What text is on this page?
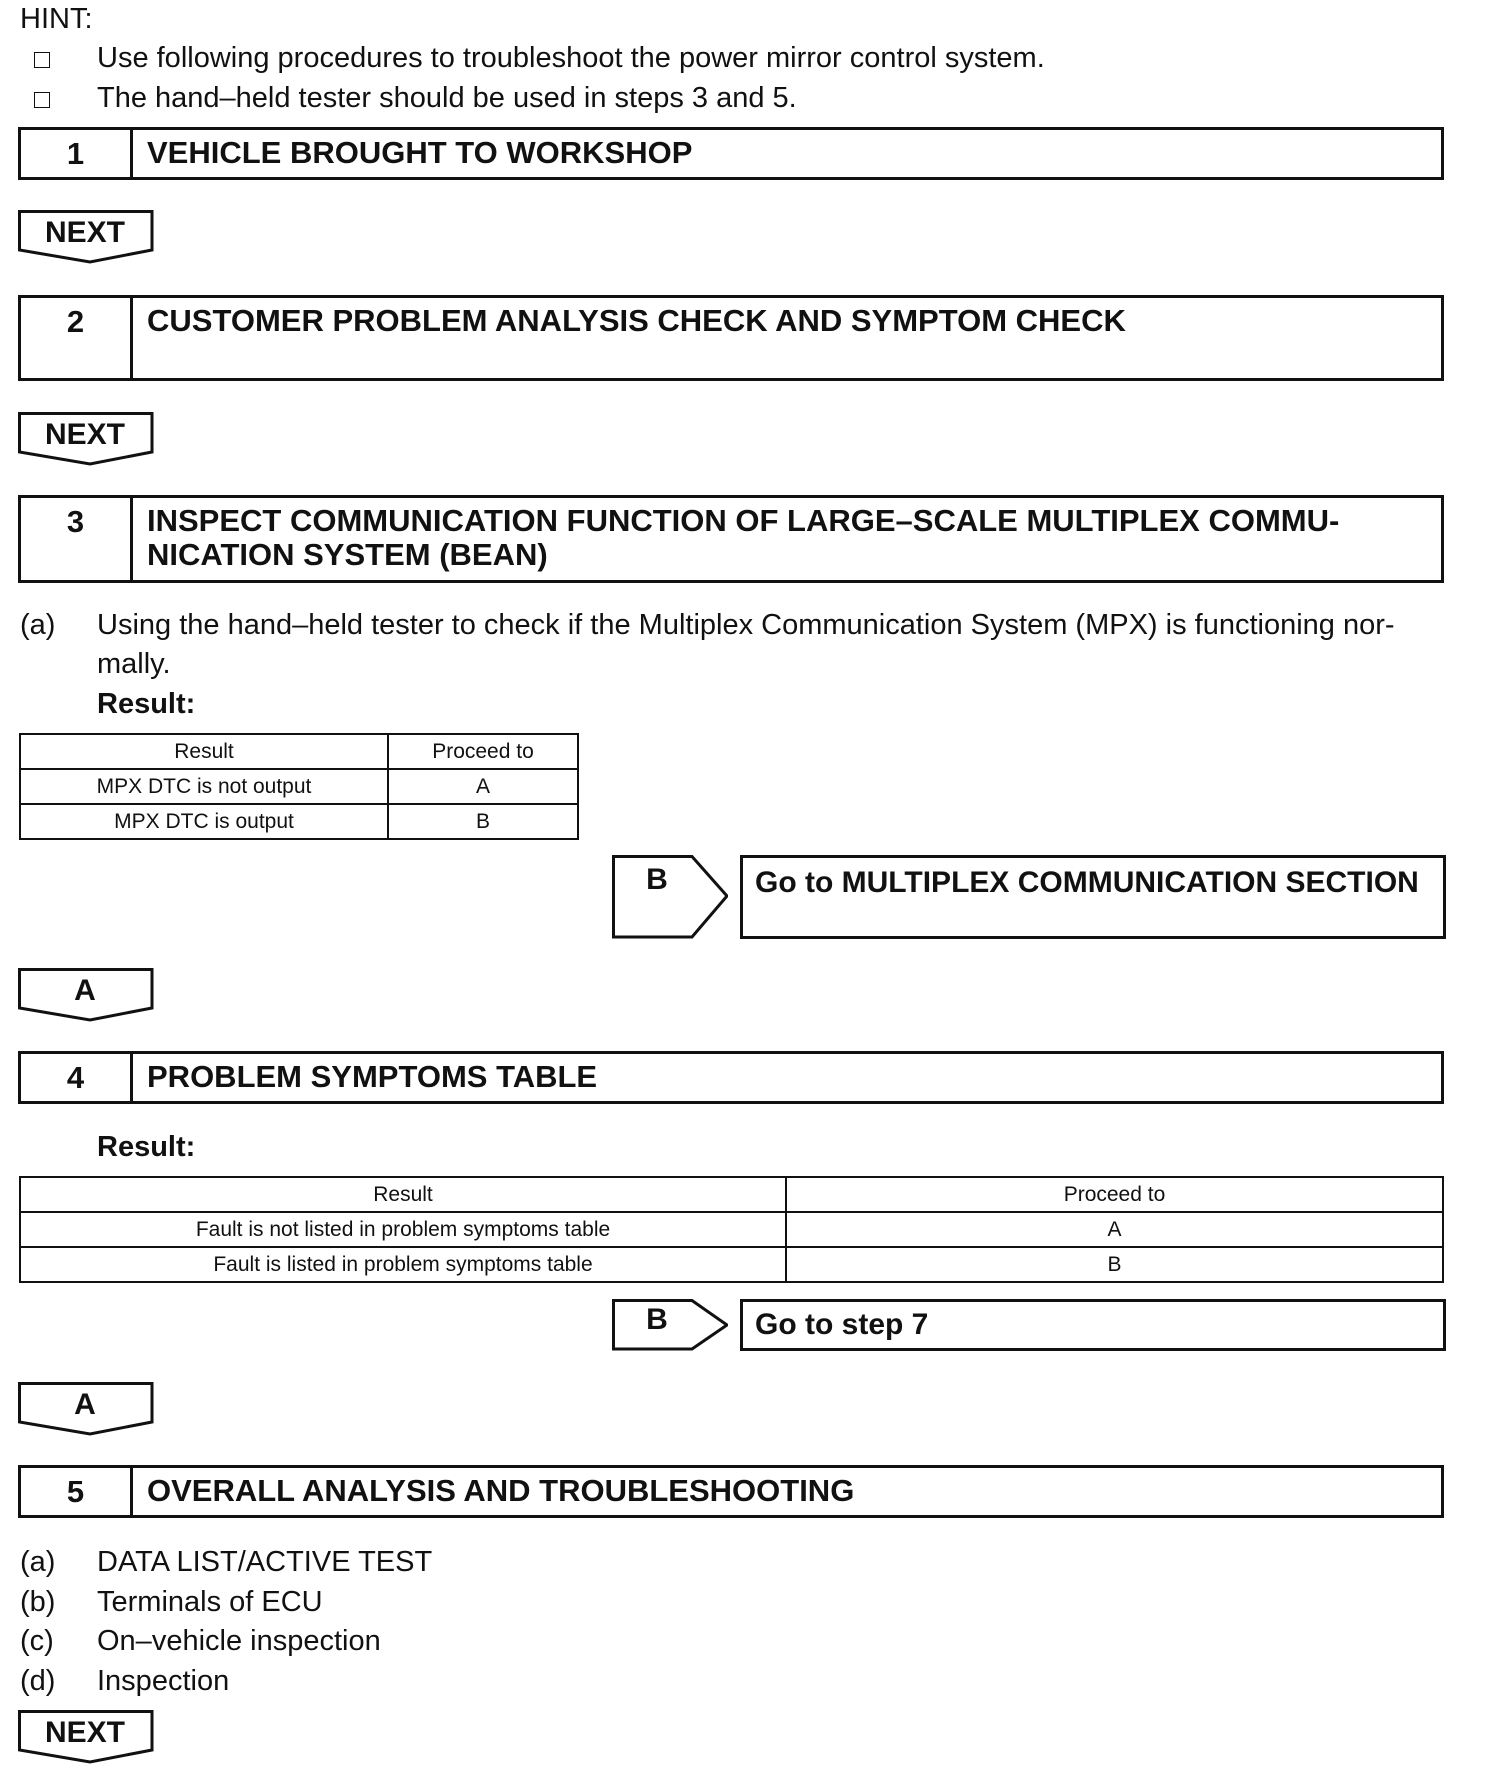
HINT:
Use following procedures to troubleshoot the power mirror control system.
The hand–held tester should be used in steps 3 and 5.
1	VEHICLE BROUGHT TO WORKSHOP
NEXT
2	CUSTOMER PROBLEM ANALYSIS CHECK AND SYMPTOM CHECK
NEXT
3	INSPECT COMMUNICATION FUNCTION OF LARGE–SCALE MULTIPLEX COMMU-
NICATION SYSTEM (BEAN)
(a) Using the hand–held tester to check if the Multiplex Communication System (MPX) is functioning nor-
mally.
Result:
Result	Proceed to
MPX DTC is not output	A
MPX DTC is output	B
B	Go to MULTIPLEX COMMUNICATION SECTION
A
4	PROBLEM SYMPTOMS TABLE
Result:
Result	Proceed to
Fault is not listed in problem symptoms table	A
Fault is listed in problem symptoms table	B
B	Go to step 7
A
5	OVERALL ANALYSIS AND TROUBLESHOOTING
(a) DATA LIST/ACTIVE TEST
(b) Terminals of ECU
(c) On–vehicle inspection
(d) Inspection
NEXT
